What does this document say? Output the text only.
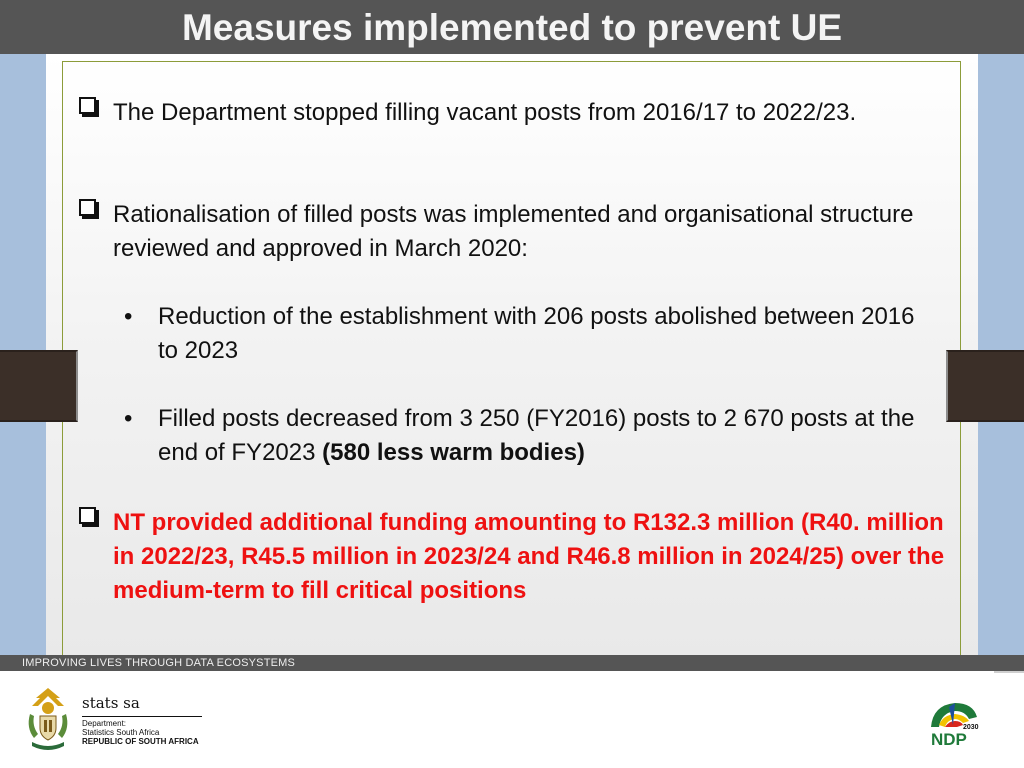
Measures implemented to prevent UE
The Department stopped filling vacant posts from 2016/17 to 2022/23.
Rationalisation of filled posts was implemented and organisational structure reviewed and approved in March 2020:
• Reduction of the establishment with 206 posts abolished between 2016 to 2023
• Filled posts decreased from 3 250 (FY2016) posts to 2 670 posts at the end of FY2023 (580 less warm bodies)
NT provided additional funding amounting to R132.3 million (R40. million in 2022/23, R45.5 million in 2023/24 and R46.8 million in 2024/25) over the medium-term to fill critical positions
IMPROVING LIVES THROUGH DATA ECOSYSTEMS
stats sa
Department:
Statistics South Africa
REPUBLIC OF SOUTH AFRICA
2030
NDP
